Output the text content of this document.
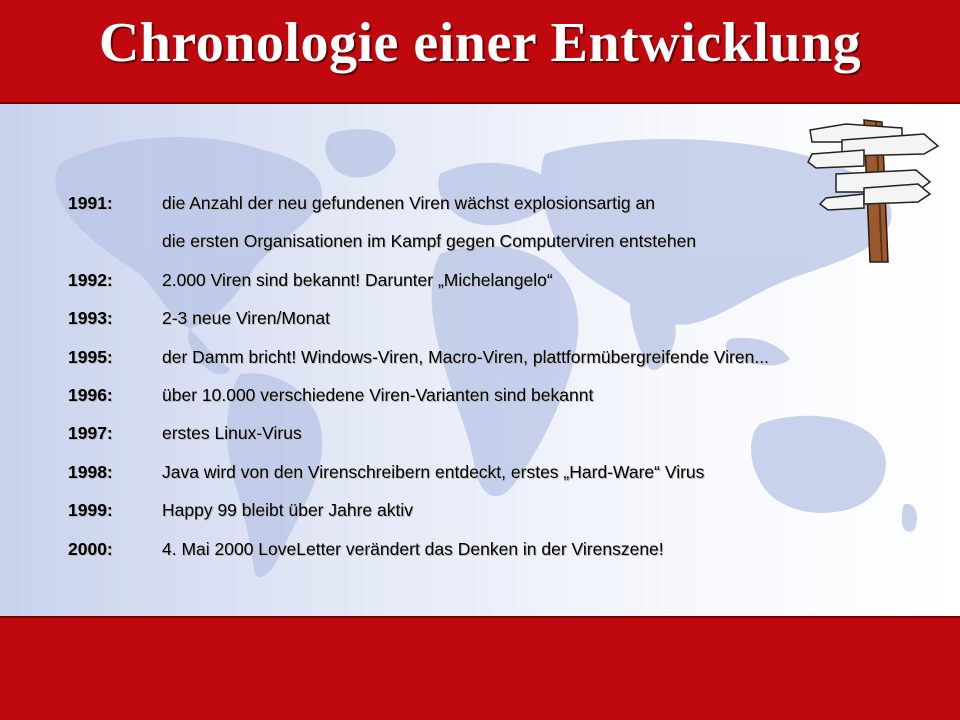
Chronologie einer Entwicklung
1991:	die Anzahl der neu gefundenen Viren wächst explosionsartig an
die ersten Organisationen im Kampf gegen Computerviren entstehen
1992:	2.000 Viren sind bekannt! Darunter „Michelangelo“
1993:	2-3 neue Viren/Monat
1995:	der Damm bricht! Windows-Viren, Macro-Viren, plattformübergreifende Viren...
1996:	über 10.000 verschiedene Viren-Varianten sind bekannt
1997:	erstes Linux-Virus
1998:	Java wird von den Virenschreibern entdeckt, erstes „Hard-Ware“ Virus
1999:	Happy 99 bleibt über Jahre aktiv
2000:	4. Mai 2000 LoveLetter verändert das Denken in der Virenszene!
